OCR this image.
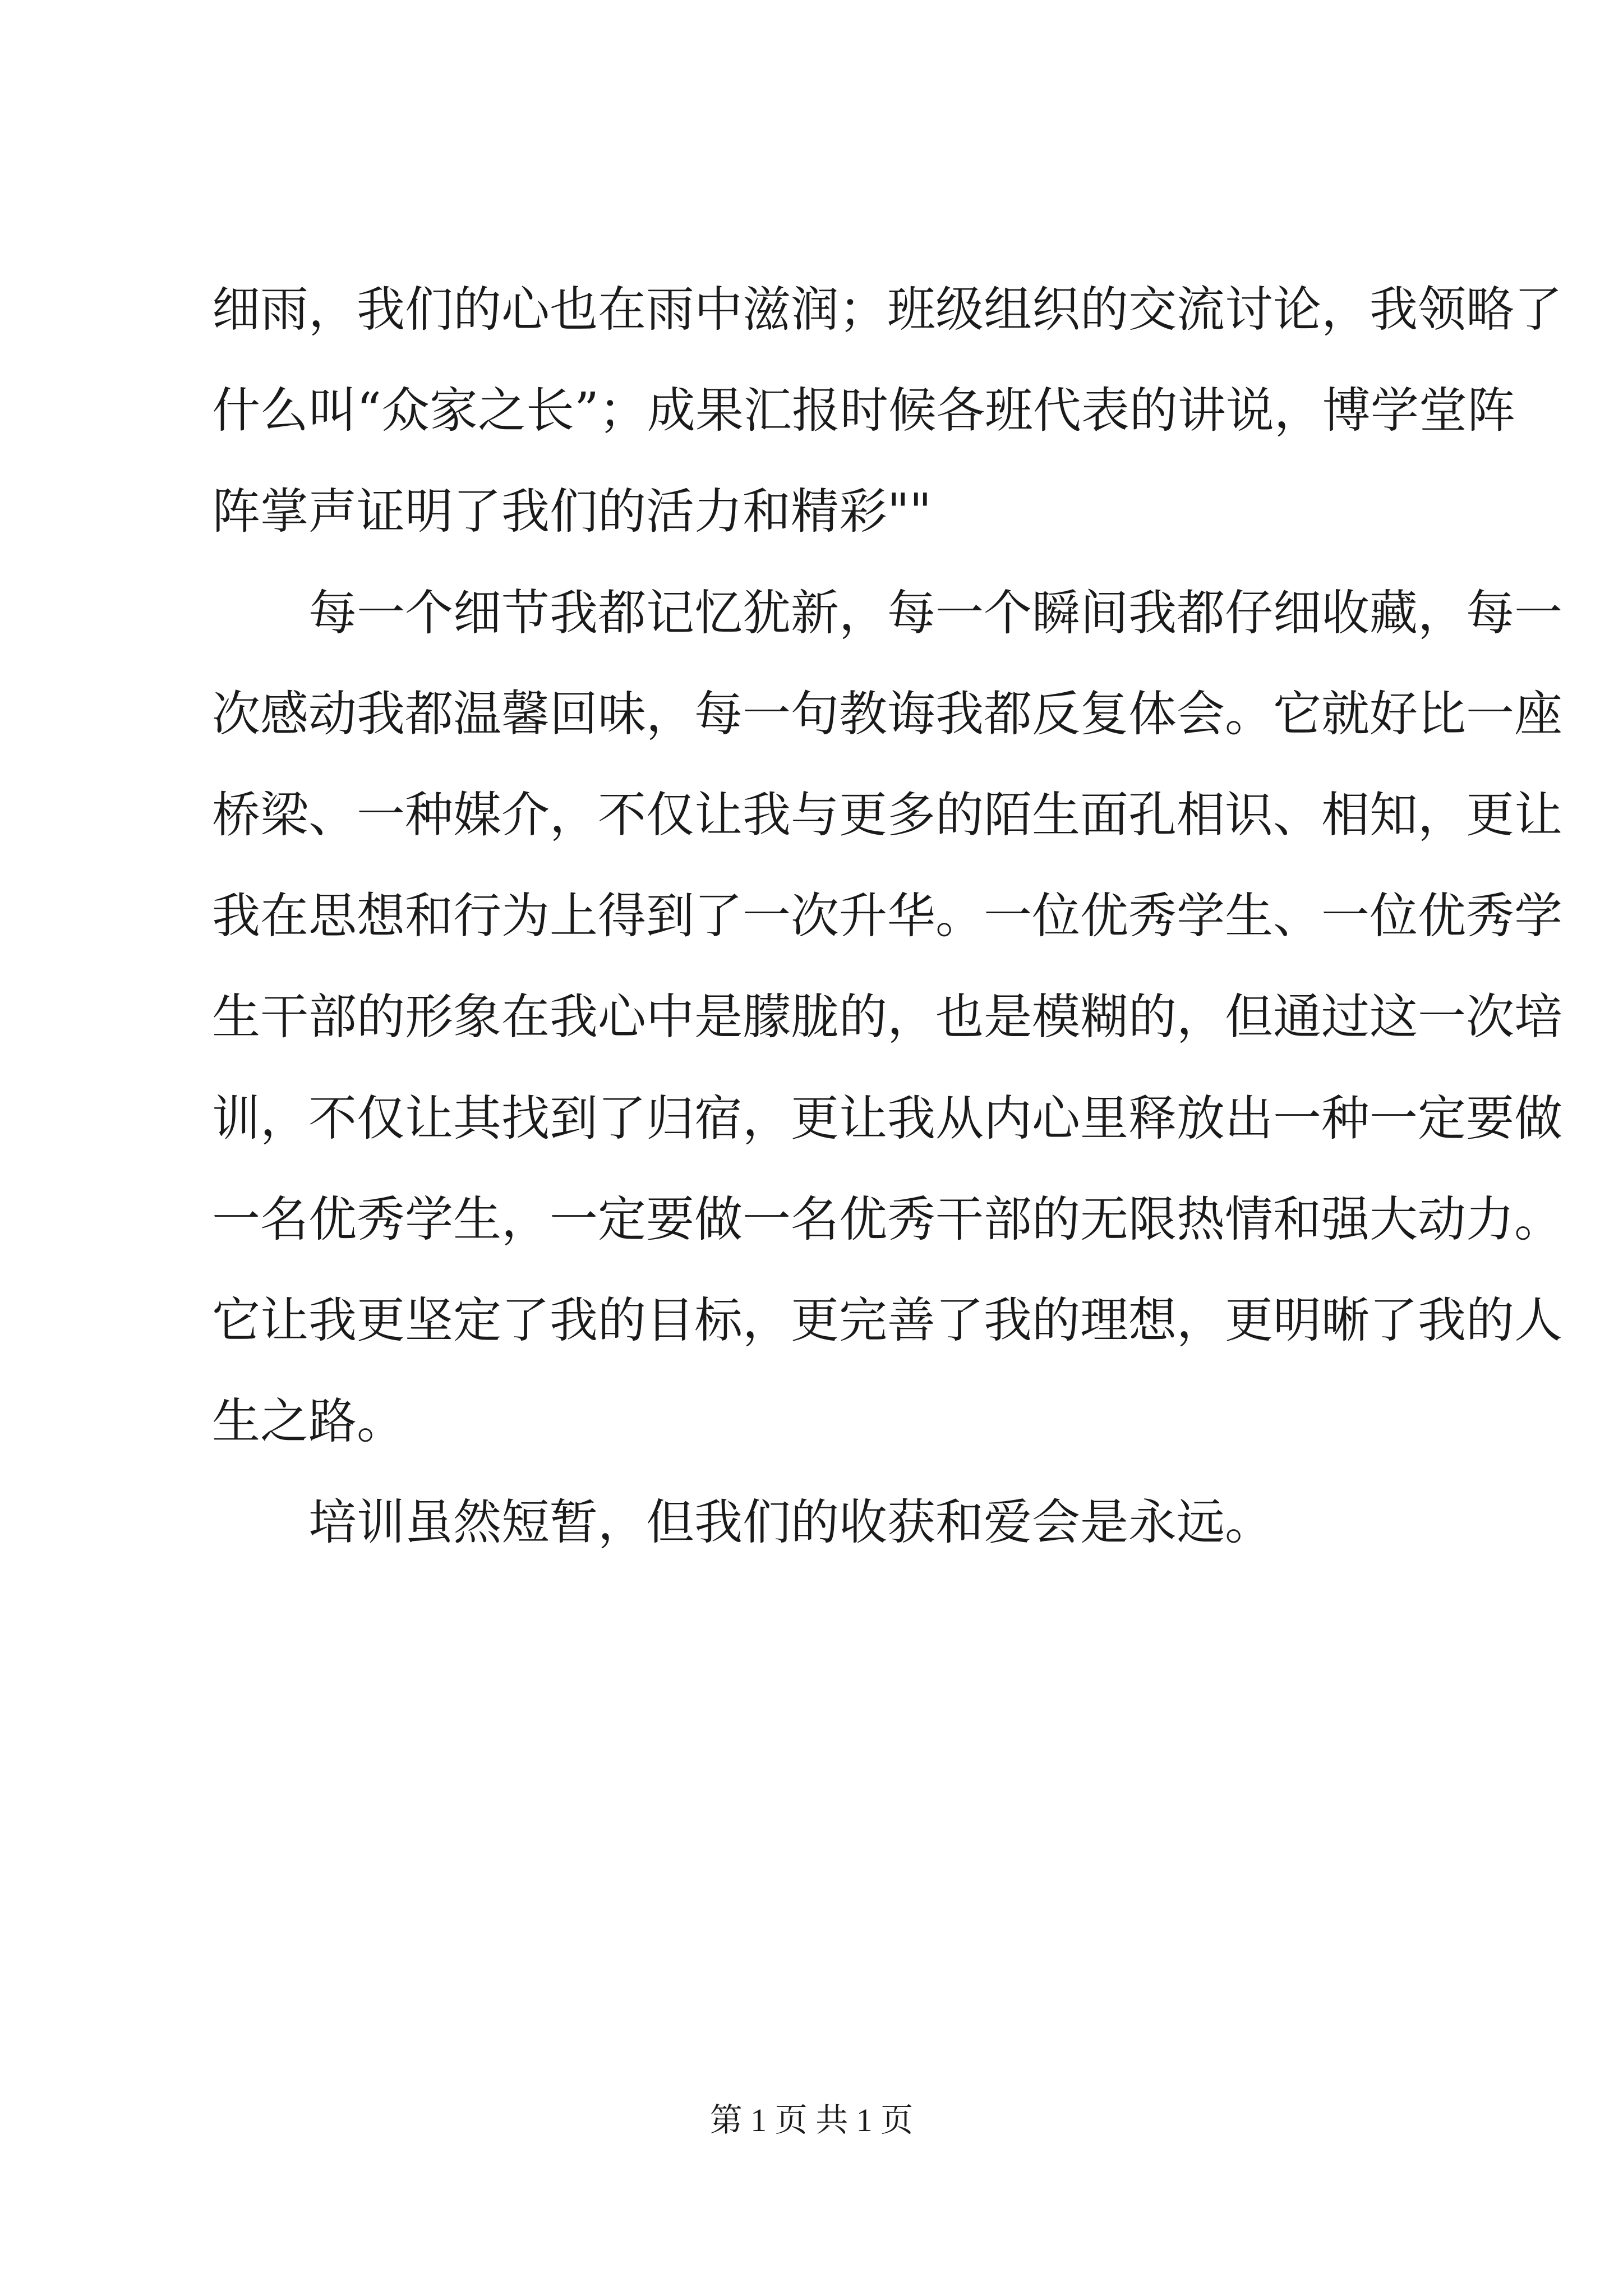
细雨，我们的心也在雨中滋润；班级组织的交流讨论，我领略了
什么叫“众家之长”；成果汇报时候各班代表的讲说，博学堂阵
阵掌声证明了我们的活力和精彩""

每一个细节我都记忆犹新，每一个瞬间我都仔细收藏，每一
次感动我都温馨回味，每一句教诲我都反复体会。它就好比一座
桥梁、一种媒介，不仅让我与更多的陌生面孔相识、相知，更让
我在思想和行为上得到了一次升华。一位优秀学生、一位优秀学
生干部的形象在我心中是朦胧的，也是模糊的，但通过这一次培
训，不仅让其找到了归宿，更让我从内心里释放出一种一定要做
一名优秀学生，一定要做一名优秀干部的无限热情和强大动力。
它让我更坚定了我的目标，更完善了我的理想，更明晰了我的人
生之路。

培训虽然短暂，但我们的收获和爱会是永远。

第 1 页 共 1 页
